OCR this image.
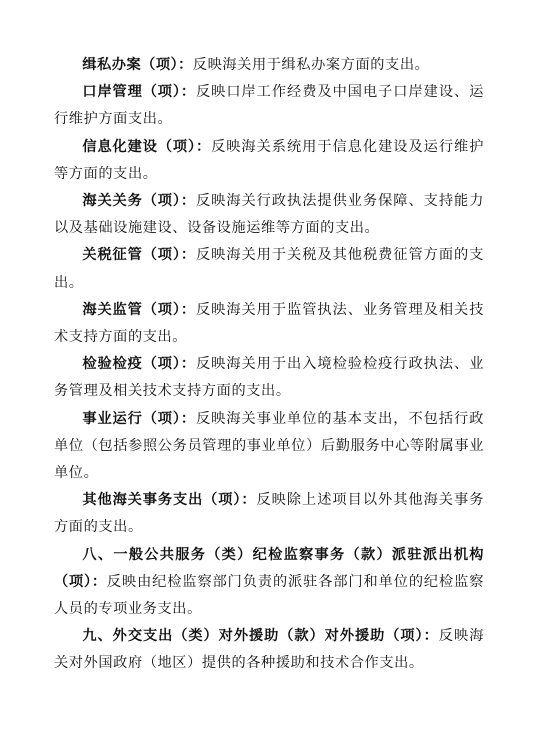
缉私办案（项）：反映海关用于缉私办案方面的支出。

口岸管理（项）：反映口岸工作经费及中国电子口岸建设、运行维护方面支出。

信息化建设（项）：反映海关系统用于信息化建设及运行维护等方面的支出。

海关关务（项）：反映海关行政执法提供业务保障、支持能力以及基础设施建设、设备设施运维等方面的支出。

关税征管（项）：反映海关用于关税及其他税费征管方面的支出。

海关监管（项）：反映海关用于监管执法、业务管理及相关技术支持方面的支出。

检验检疫（项）：反映海关用于出入境检验检疫行政执法、业务管理及相关技术支持方面的支出。

事业运行（项）：反映海关事业单位的基本支出，不包括行政单位（包括参照公务员管理的事业单位）后勤服务中心等附属事业单位。

其他海关事务支出（项）：反映除上述项目以外其他海关事务方面的支出。

八、一般公共服务（类）纪检监察事务（款）派驻派出机构（项）：反映由纪检监察部门负责的派驻各部门和单位的纪检监察人员的专项业务支出。

九、外交支出（类）对外援助（款）对外援助（项）：反映海关对外国政府（地区）提供的各种援助和技术合作支出。
